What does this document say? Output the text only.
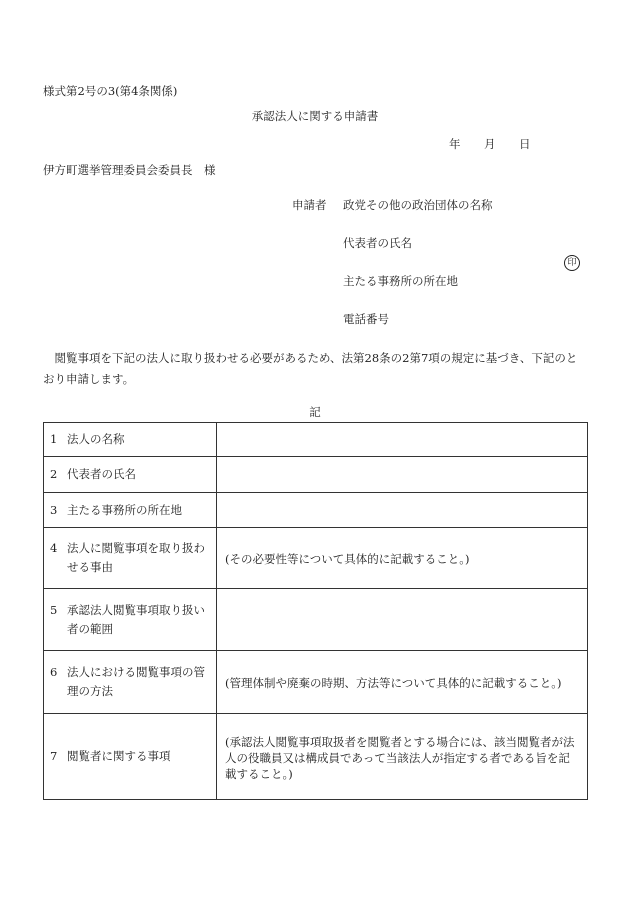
様式第2号の3(第4条関係)
承認法人に関する申請書
年 月 日
伊方町選挙管理委員会委員長　様
申請者 政党その他の政治団体の名称
代表者の氏名
印
主たる事務所の所在地
電話番号
閲覧事項を下記の法人に取り扱わせる必要があるため、法第28条の2第7項の規定に基づき、下記のとおり申請します。
記
1 法人の名称	

2 代表者の氏名	

3 主たる事務所の所在地	

4 法人に閲覧事項を取り扱わせる事由	(その必要性等について具体的に記載すること。)

5 承認法人閲覧事項取り扱い者の範囲	

6 法人における閲覧事項の管理の方法	(管理体制や廃棄の時期、方法等について具体的に記載すること。)

7 閲覧者に関する事項	(承認法人閲覧事項取扱者を閲覧者とする場合には、該当閲覧者が法人の役職員又は構成員であって当該法人が指定する者である旨を記載すること。)
